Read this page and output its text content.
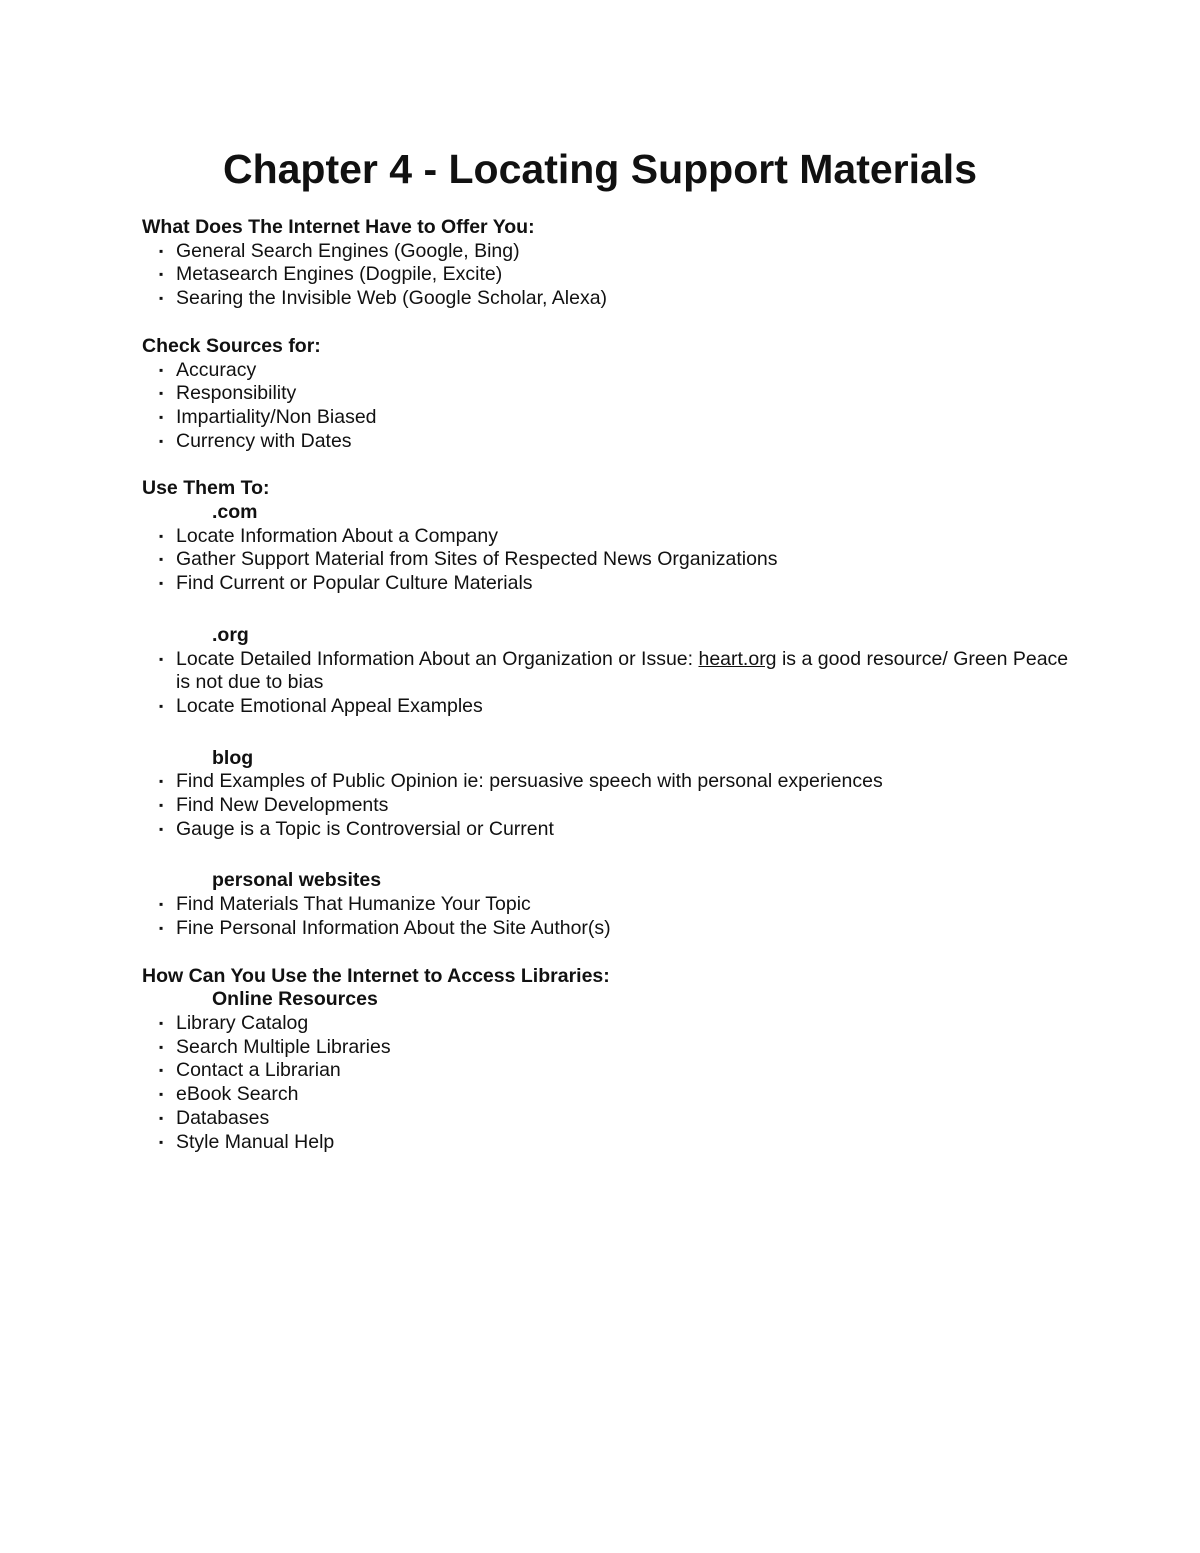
Chapter 4 - Locating Support Materials

What Does The Internet Have to Offer You:

▪ General Search Engines (Google, Bing)
▪ Metasearch Engines (Dogpile, Excite)
▪ Searing the Invisible Web (Google Scholar, Alexa)

Check Sources for:

▪ Accuracy
▪ Responsibility
▪ Impartiality/Non Biased
▪ Currency with Dates

Use Them To:

.com

▪ Locate Information About a Company
▪ Gather Support Material from Sites of Respected News Organizations
▪ Find Current or Popular Culture Materials

.org

▪ Locate Detailed Information About an Organization or Issue: heart.org is a good resource/ Green Peace is not due to bias
▪ Locate Emotional Appeal Examples

blog

▪ Find Examples of Public Opinion ie: persuasive speech with personal experiences
▪ Find New Developments
▪ Gauge is a Topic is Controversial or Current

personal websites

▪ Find Materials That Humanize Your Topic
▪ Fine Personal Information About the Site Author(s)

How Can You Use the Internet to Access Libraries:

Online Resources

▪ Library Catalog
▪ Search Multiple Libraries
▪ Contact a Librarian
▪ eBook Search
▪ Databases
▪ Style Manual Help
